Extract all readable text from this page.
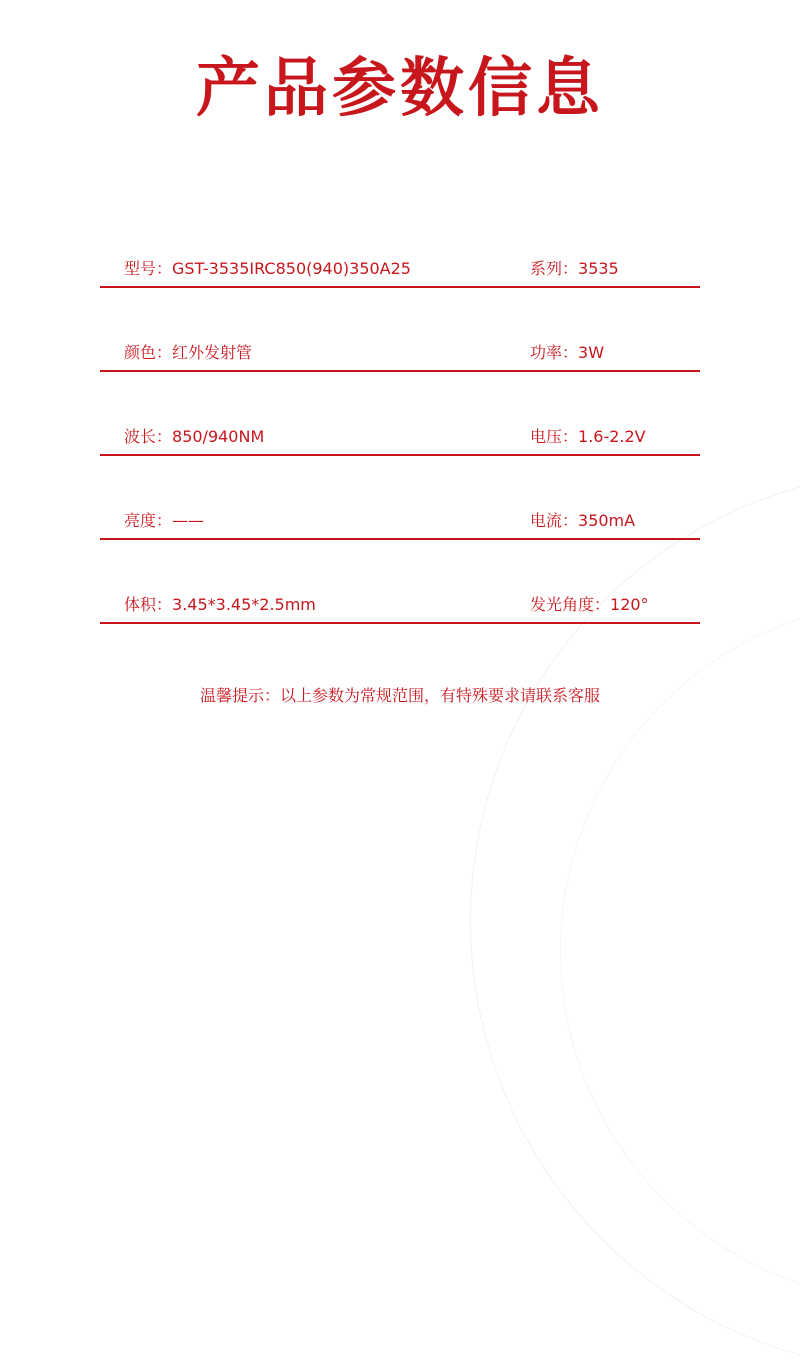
产品参数信息
型号：GST-3535IRC850(940)350A25	系列：3535
颜色：红外发射管	功率：3W
波长：850/940NM	电压：1.6-2.2V
亮度：——	电流：350mA
体积：3.45*3.45*2.5mm	发光角度：120°
温馨提示：以上参数为常规范围，有特殊要求请联系客服
